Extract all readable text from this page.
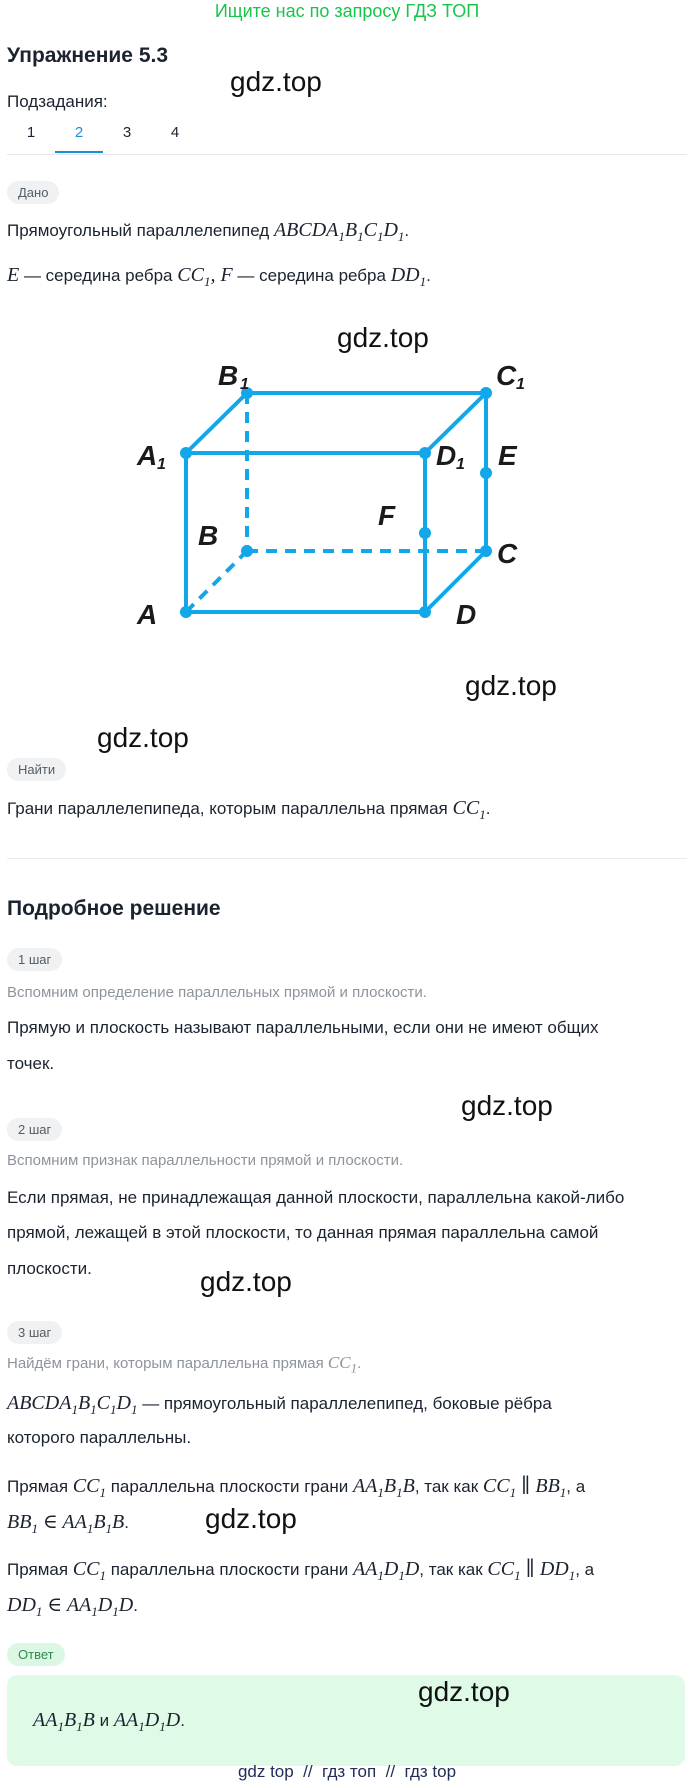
Ищите нас по запросу ГДЗ ТОП
Упражнение 5.3
gdz.top
Подзадания:
1	2	3	4
Дано
Прямоугольный параллелепипед $ABCDA_1B_1C_1D_1$.
E — середина ребра $CC_1$, F — середина ребра $DD_1$.
gdz.top
B 1	C 1
A 1	D 1 E
F
B
C
A	D
gdz.top
gdz.top
Найти
Грани параллелепипеда, которым параллельна прямая $CC_1$.
Подробное решение
1 шаг
Вспомним определение параллельных прямой и плоскости.
Прямую и плоскость называют параллельными, если они не имеют общих
точек.
gdz.top
2 шаг
Вспомним признак параллельности прямой и плоскости.
Если прямая, не принадлежащая данной плоскости, параллельна какой-либо
прямой, лежащей в этой плоскости, то данная прямая параллельна самой
плоскости.	gdz.top
3 шаг
Найдём грани, которым параллельна прямая $CC_1$.
$ABCDA_1B_1C_1D_1$ — прямоугольный параллелепипед, боковые рёбра
которого параллельны.
Прямая $CC_1$ параллельна плоскости грани $AA_1B_1B$, так как $CC_1$ ∥ $BB_1$, а
$BB_1$ ∈ $AA_1B_1B$.	gdz.top
Прямая $CC_1$ параллельна плоскости грани $AA_1D_1D$, так как $CC_1$ ∥ $DD_1$, а
$DD_1$ ∈ $AA_1D_1D$.
Ответ
gdz.top
$AA_1B_1B$ и $AA_1D_1D$.
gdz top  //  гдз топ  //  гдз top
